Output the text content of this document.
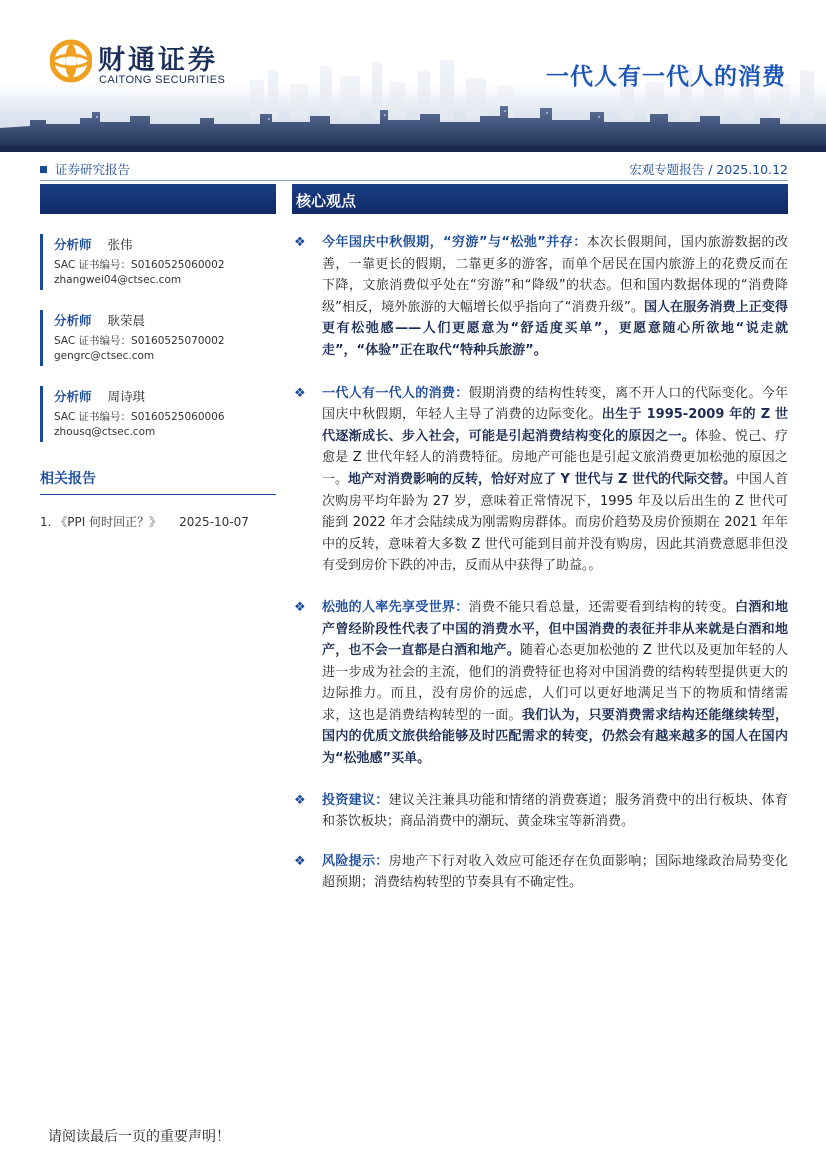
财通证券
CAITONG SECURITIES	一代人有一代人的消费
证券研究报告	宏观专题报告 / 2025.10.12
分析师 张伟
SAC 证书编号：S0160525060002
zhangwei04@ctsec.com
分析师 耿荣晨
SAC 证书编号：S0160525070002
gengrc@ctsec.com
分析师 周诗琪
SAC 证书编号：S0160525060006
zhousq@ctsec.com
相关报告
1. 《PPI 何时回正？》 2025-10-07
核心观点
❖ 今年国庆中秋假期，“穷游”与“松弛”并存：本次长假期间，国内旅游数据的改善，一靠更长的假期，二靠更多的游客，而单个居民在国内旅游上的花费反而在下降，文旅消费似乎处在“穷游”和“降级”的状态。但和国内数据体现的“消费降级”相反，境外旅游的大幅增长似乎指向了“消费升级”。国人在服务消费上正变得更有松弛感——人们更愿意为“舒适度买单”，更愿意随心所欲地“说走就走”，“体验”正在取代“特种兵旅游”。
❖ 一代人有一代人的消费：假期消费的结构性转变，离不开人口的代际变化。今年国庆中秋假期，年轻人主导了消费的边际变化。出生于 1995-2009 年的 Z 世代逐渐成长、步入社会，可能是引起消费结构变化的原因之一。体验、悦己、疗愈是 Z 世代年轻人的消费特征。房地产可能也是引起文旅消费更加松弛的原因之一。地产对消费影响的反转，恰好对应了 Y 世代与 Z 世代的代际交替。中国人首次购房平均年龄为 27 岁，意味着正常情况下，1995 年及以后出生的 Z 世代可能到 2022 年才会陆续成为刚需购房群体。而房价趋势及房价预期在 2021 年年中的反转，意味着大多数 Z 世代可能到目前并没有购房，因此其消费意愿非但没有受到房价下跌的冲击，反而从中获得了助益。。
❖ 松弛的人率先享受世界：消费不能只看总量，还需要看到结构的转变。白酒和地产曾经阶段性代表了中国的消费水平，但中国消费的表征并非从来就是白酒和地产，也不会一直都是白酒和地产。随着心态更加松弛的 Z 世代以及更加年轻的人进一步成为社会的主流，他们的消费特征也将对中国消费的结构转型提供更大的边际推力。而且，没有房价的远虑，人们可以更好地满足当下的物质和情绪需求，这也是消费结构转型的一面。我们认为，只要消费需求结构还能继续转型，国内的优质文旅供给能够及时匹配需求的转变，仍然会有越来越多的国人在国内为“松弛感”买单。
❖ 投资建议：建议关注兼具功能和情绪的消费赛道；服务消费中的出行板块、体育和茶饮板块；商品消费中的潮玩、黄金珠宝等新消费。
❖ 风险提示：房地产下行对收入效应可能还存在负面影响；国际地缘政治局势变化超预期；消费结构转型的节奏具有不确定性。
请阅读最后一页的重要声明！
